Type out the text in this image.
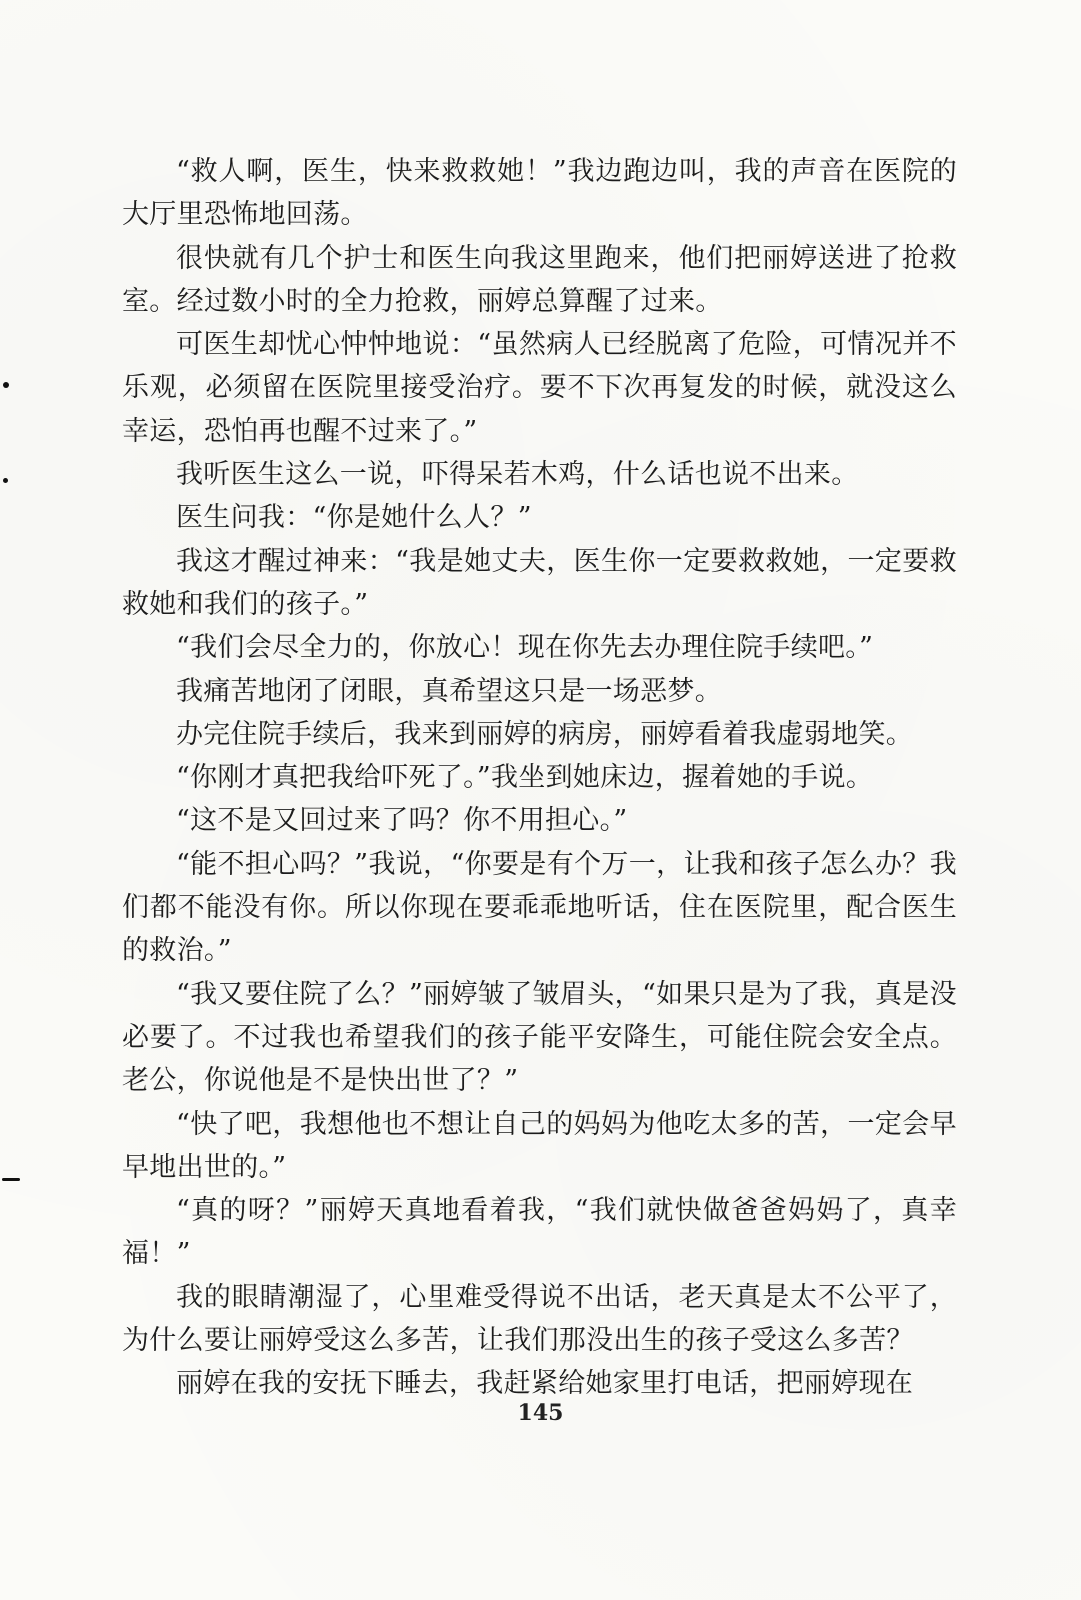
“救人啊，医生，快来救救她！”我边跑边叫，我的声音在医院的大厅里恐怖地回荡。

很快就有几个护士和医生向我这里跑来，他们把丽婷送进了抢救室。经过数小时的全力抢救，丽婷总算醒了过来。

可医生却忧心忡忡地说：“虽然病人已经脱离了危险，可情况并不乐观，必须留在医院里接受治疗。要不下次再复发的时候，就没这么幸运，恐怕再也醒不过来了。”

我听医生这么一说，吓得呆若木鸡，什么话也说不出来。

医生问我：“你是她什么人？”

我这才醒过神来：“我是她丈夫，医生你一定要救救她，一定要救救她和我们的孩子。”

“我们会尽全力的，你放心！现在你先去办理住院手续吧。”

我痛苦地闭了闭眼，真希望这只是一场恶梦。

办完住院手续后，我来到丽婷的病房，丽婷看着我虚弱地笑。

“你刚才真把我给吓死了。”我坐到她床边，握着她的手说。

“这不是又回过来了吗？你不用担心。”

“能不担心吗？”我说，“你要是有个万一，让我和孩子怎么办？我们都不能没有你。所以你现在要乖乖地听话，住在医院里，配合医生的救治。”

“我又要住院了么？”丽婷皱了皱眉头，“如果只是为了我，真是没必要了。不过我也希望我们的孩子能平安降生，可能住院会安全点。老公，你说他是不是快出世了？”

“快了吧，我想他也不想让自己的妈妈为他吃太多的苦，一定会早早地出世的。”

“真的呀？”丽婷天真地看着我，“我们就快做爸爸妈妈了，真幸福！”

我的眼睛潮湿了，心里难受得说不出话，老天真是太不公平了，为什么要让丽婷受这么多苦，让我们那没出生的孩子受这么多苦？

丽婷在我的安抚下睡去，我赶紧给她家里打电话，把丽婷现在

145
